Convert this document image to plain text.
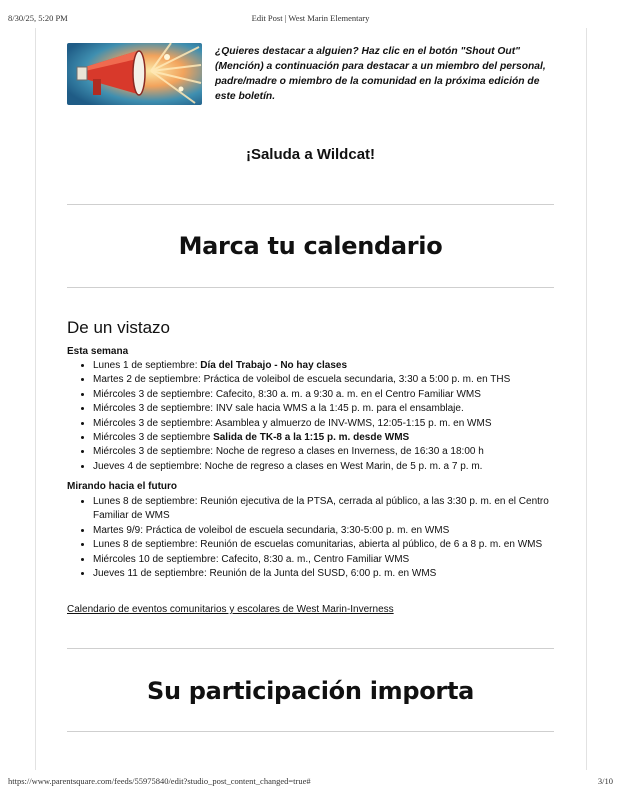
8/30/25, 5:20 PM	Edit Post | West Marin Elementary
¿Quieres destacar a alguien? Haz clic en el botón "Shout Out" (Mención) a continuación para destacar a un miembro del personal, padre/madre o miembro de la comunidad en la próxima edición de este boletín.
¡Saluda a Wildcat!
Marca tu calendario
De un vistazo
Esta semana
• Lunes 1 de septiembre: Día del Trabajo - No hay clases
• Martes 2 de septiembre: Práctica de voleibol de escuela secundaria, 3:30 a 5:00 p. m. en THS
• Miércoles 3 de septiembre: Cafecito, 8:30 a. m. a 9:30 a. m. en el Centro Familiar WMS
• Miércoles 3 de septiembre: INV sale hacia WMS a la 1:45 p. m. para el ensamblaje.
• Miércoles 3 de septiembre: Asamblea y almuerzo de INV-WMS, 12:05-1:15 p. m. en WMS
• Miércoles 3 de septiembre Salida de TK-8 a la 1:15 p. m. desde WMS
• Miércoles 3 de septiembre: Noche de regreso a clases en Inverness, de 16:30 a 18:00 h
• Jueves 4 de septiembre: Noche de regreso a clases en West Marin, de 5 p. m. a 7 p. m.
Mirando hacia el futuro
• Lunes 8 de septiembre: Reunión ejecutiva de la PTSA, cerrada al público, a las 3:30 p. m. en el Centro Familiar de WMS
• Martes 9/9: Práctica de voleibol de escuela secundaria, 3:30-5:00 p. m. en WMS
• Lunes 8 de septiembre: Reunión de escuelas comunitarias, abierta al público, de 6 a 8 p. m. en WMS
• Miércoles 10 de septiembre: Cafecito, 8:30 a. m., Centro Familiar WMS
• Jueves 11 de septiembre: Reunión de la Junta del SUSD, 6:00 p. m. en WMS
Calendario de eventos comunitarios y escolares de West Marin-Inverness
Su participación importa
https://www.parentsquare.com/feeds/55975840/edit?studio_post_content_changed=true#	3/10
